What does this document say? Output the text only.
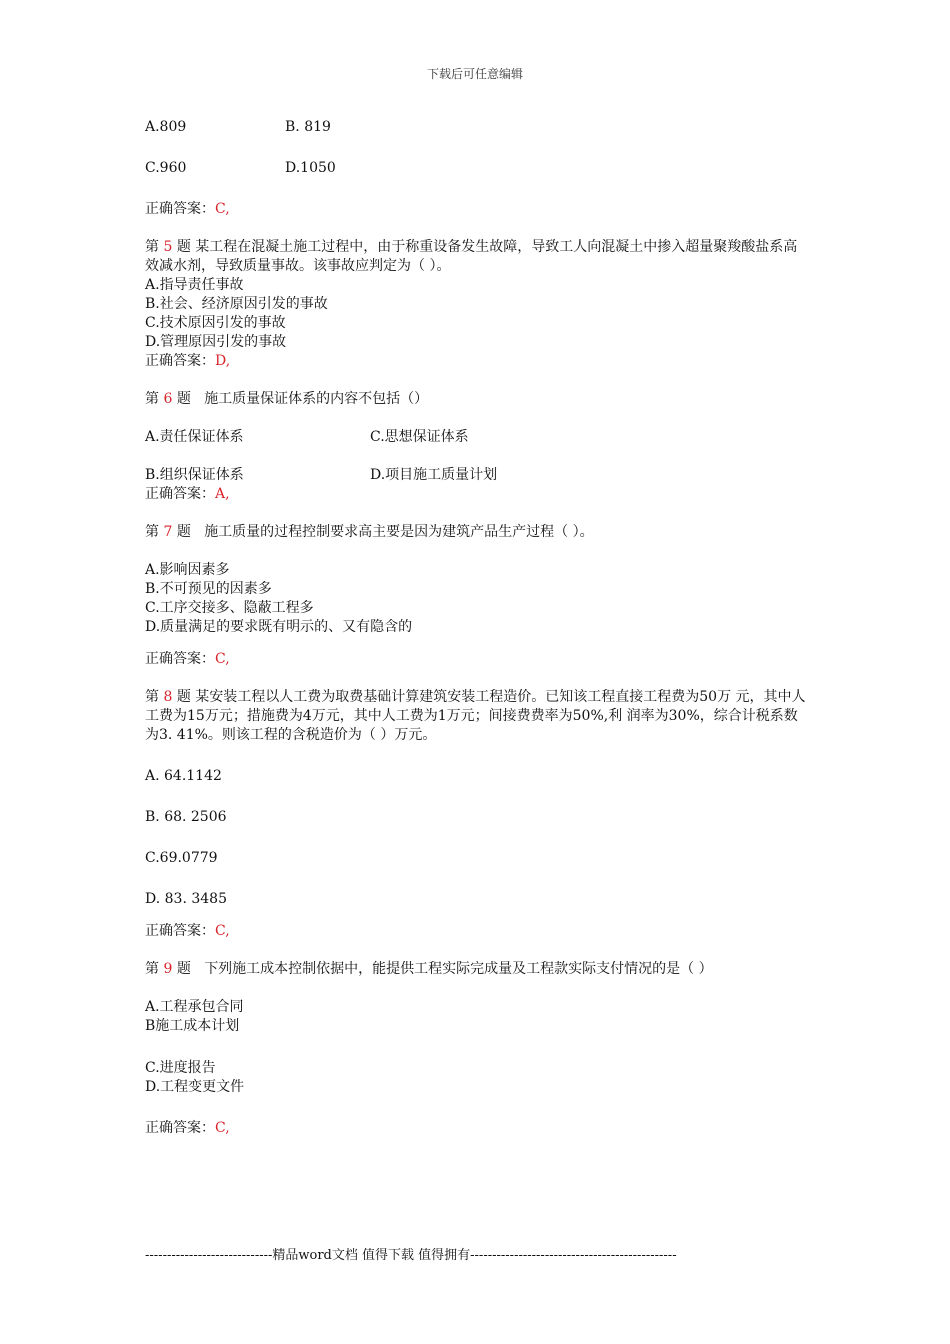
下载后可任意编辑
A.809	B. 819
C.960	D.1050
正确答案：C,
第 5 题 某工程在混凝土施工过程中，由于称重设备发生故障，导致工人向混凝土中掺入超量聚羧酸盐系高效减水剂，导致质量事故。该事故应判定为（ ）。
A.指导责任事故
B.社会、经济原因引发的事故
C.技术原因引发的事故
D.管理原因引发的事故
正确答案：D,
第 6 题 施工质量保证体系的内容不包括（）
A.责任保证体系	C.思想保证体系
B.组织保证体系	D.项目施工质量计划
正确答案：A,
第 7 题 施工质量的过程控制要求高主要是因为建筑产品生产过程（ ）。
A.影响因素多
B.不可预见的因素多
C.工序交接多、隐蔽工程多
D.质量满足的要求既有明示的、又有隐含的
正确答案：C,
第 8 题 某安装工程以人工费为取费基础计算建筑安装工程造价。已知该工程直接工程费为50万 元，其中人工费为15万元；措施费为4万元，其中人工费为1万元；间接费费率为50%,利 润率为30%，综合计税系数为3. 41%。则该工程的含税造价为（ ）万元。
A. 64.1142
B. 68. 2506
C.69.0779
D. 83. 3485
正确答案：C,
第 9 题 下列施工成本控制依据中，能提供工程实际完成量及工程款实际支付情况的是（ ）
A.工程承包合同
B施工成本计划
C.进度报告
D.工程变更文件
正确答案：C,
-----------------------------精品word文档 值得下载 值得拥有-----------------------------------------------
